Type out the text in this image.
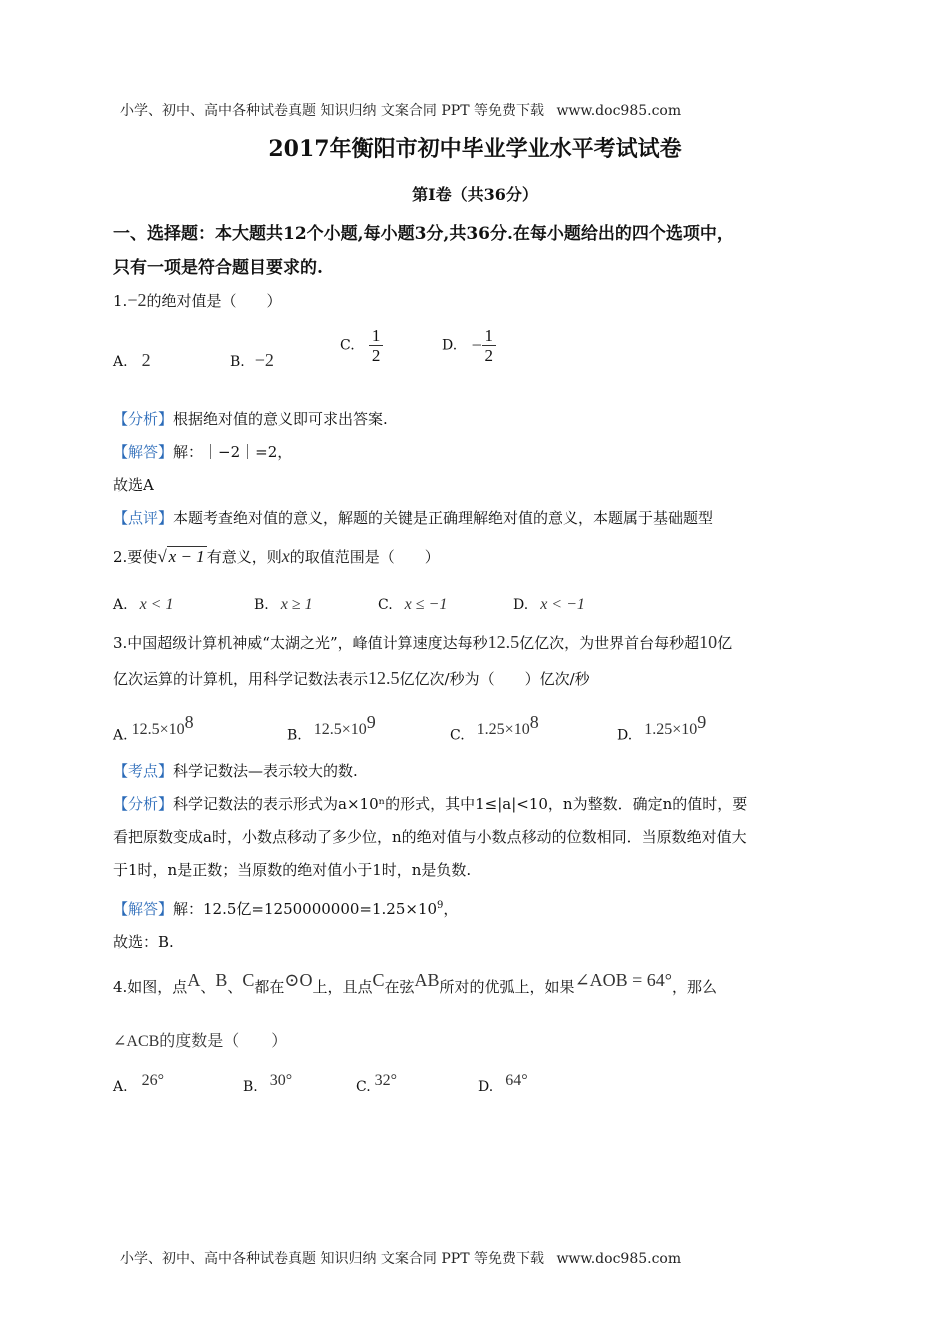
小学、初中、高中各种试卷真题 知识归纳 文案合同 PPT 等免费下载 www.doc985.com
2017年衡阳市初中毕业学业水平考试试卷
第Ⅰ卷（共36分）
一、选择题：本大题共12个小题,每小题3分,共36分.在每小题给出的四个选项中，
只有一项是符合题目要求的.
1.−2的绝对值是（　　）
A. 2	B. −2
C. $\frac{1}{2}$	D. − $\frac{1}{2}$
【分析】根据绝对值的意义即可求出答案.
【解答】解：｜−2｜=2，
故选A
【点评】本题考查绝对值的意义，解题的关键是正确理解绝对值的意义，本题属于基础题型
2.要使√ x − 1 有意义，则x的取值范围是（　　）
A. x < 1	B. x ≥ 1	C. x ≤ −1	D. x < −1
3.中国超级计算机神威“太湖之光”，峰值计算速度达每秒12.5亿亿次，为世界首台每秒超10亿
亿次运算的计算机，用科学记数法表示12.5亿亿次/秒为（　　）亿次/秒
A. $12.5\times 10^8$
B. $12.5\times 10^9$
C. $1.25\times 10^8$
D. $1.25\times 10^9$
【考点】科学记数法—表示较大的数.
【分析】科学记数法的表示形式为a×10ⁿ的形式，其中1≤|a|<10，n为整数．确定n的值时，要
看把原数变成a时，小数点移动了多少位，n的绝对值与小数点移动的位数相同．当原数绝对值大
于1时，n是正数；当原数的绝对值小于1时，n是负数.
【解答】解：12.5亿$=1250000000=1.25\times 10^9$，
故选：B.
4.如图，点A、B、C都在⊙O上，且点C在弦AB所对的优弧上，如果∠AOB = 64°，那么
∠ACB的度数是（　　）
A. 26°	B. 30°	C. 32°	D. 64°
小学、初中、高中各种试卷真题 知识归纳 文案合同 PPT 等免费下载 www.doc985.com
